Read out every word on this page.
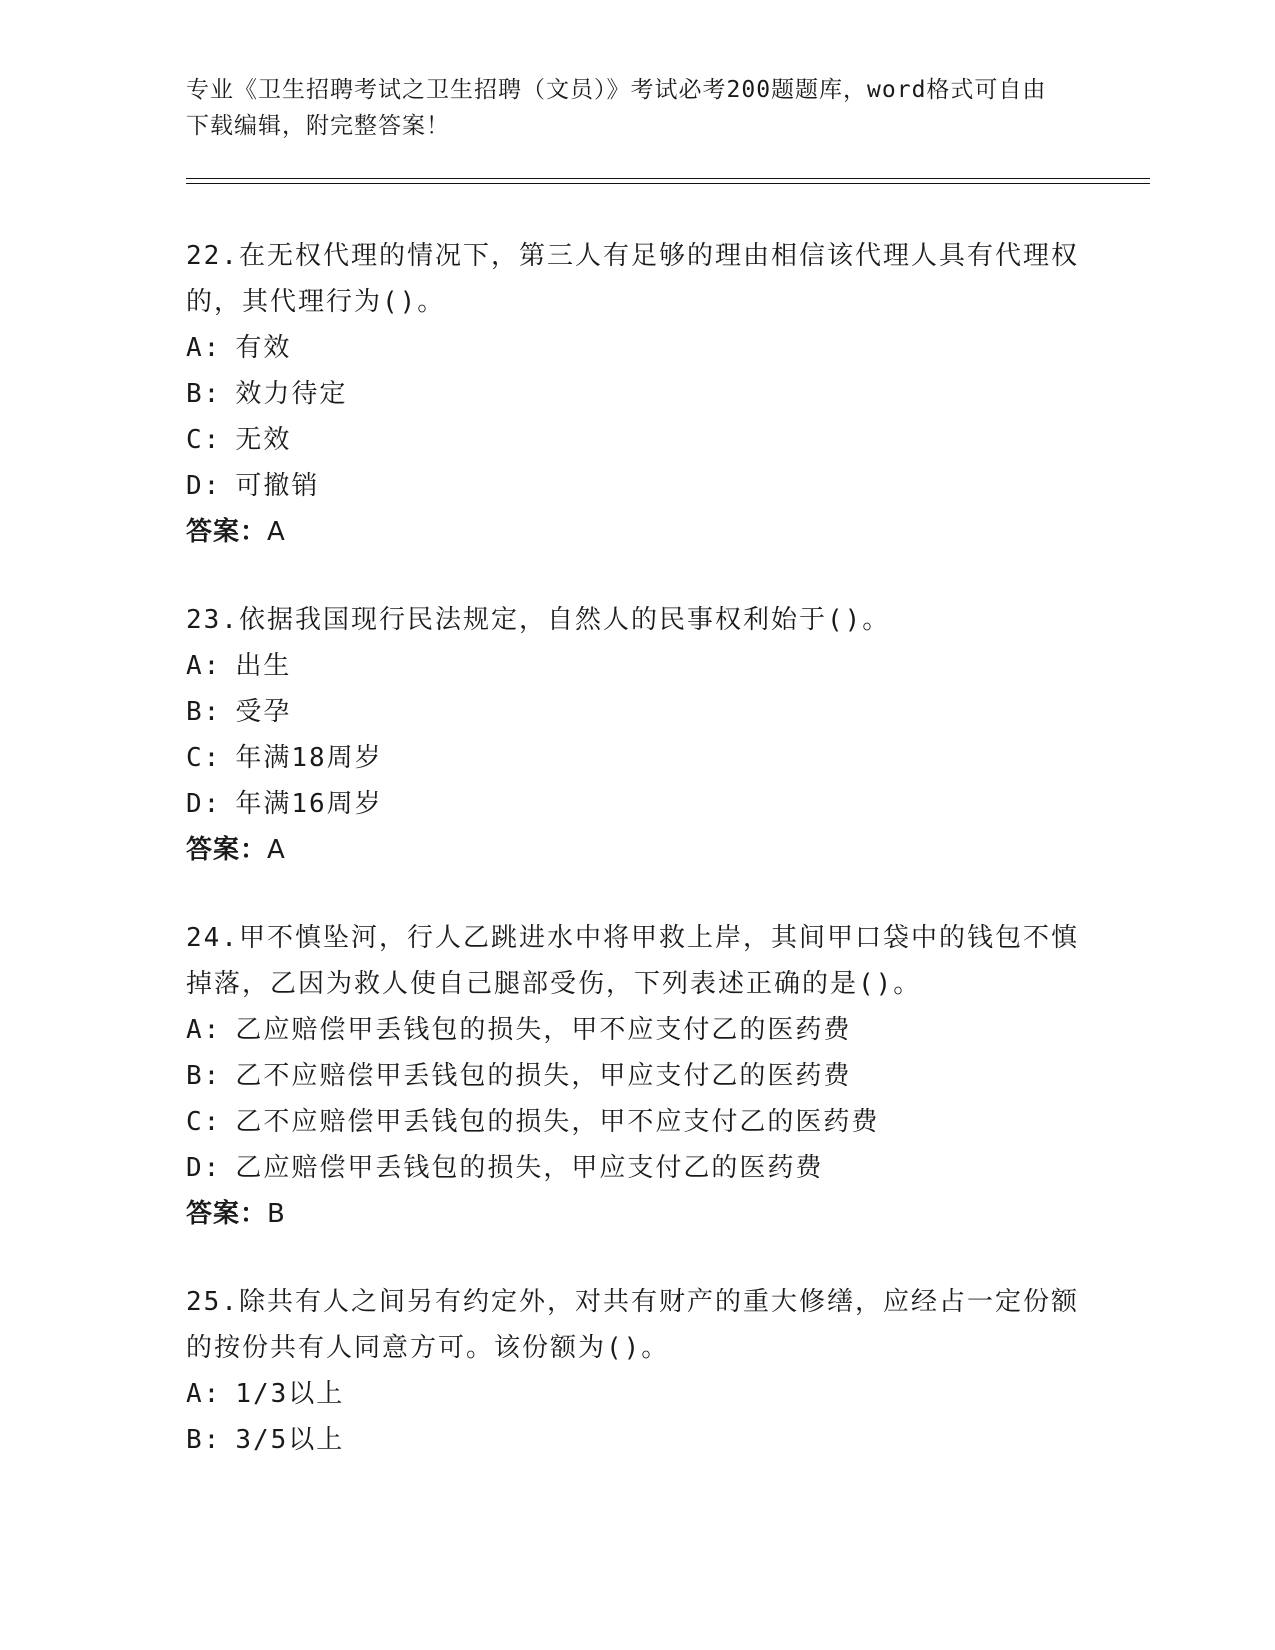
专业《卫生招聘考试之卫生招聘（文员）》考试必考200题题库，word格式可自由下载编辑，附完整答案！
22.在无权代理的情况下，第三人有足够的理由相信该代理人具有代理权的，其代理行为()。
A: 有效
B: 效力待定
C: 无效
D: 可撤销
答案：A
23.依据我国现行民法规定，自然人的民事权利始于()。
A: 出生
B: 受孕
C: 年满18周岁
D: 年满16周岁
答案：A
24.甲不慎坠河，行人乙跳进水中将甲救上岸，其间甲口袋中的钱包不慎掉落，乙因为救人使自己腿部受伤，下列表述正确的是()。
A: 乙应赔偿甲丢钱包的损失，甲不应支付乙的医药费
B: 乙不应赔偿甲丢钱包的损失，甲应支付乙的医药费
C: 乙不应赔偿甲丢钱包的损失，甲不应支付乙的医药费
D: 乙应赔偿甲丢钱包的损失，甲应支付乙的医药费
答案：B
25.除共有人之间另有约定外，对共有财产的重大修缮，应经占一定份额的按份共有人同意方可。该份额为()。
A: 1/3以上
B: 3/5以上
